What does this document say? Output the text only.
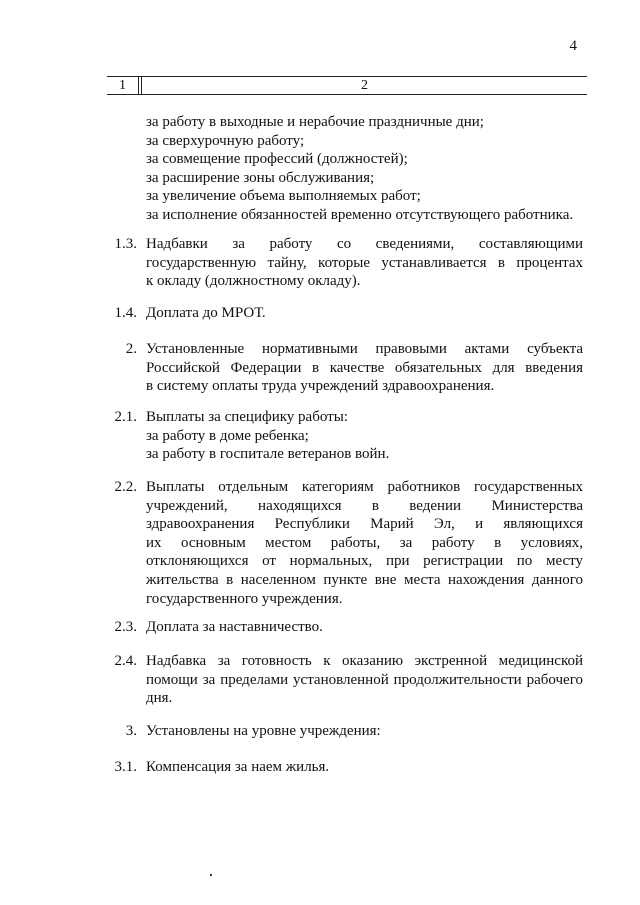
4
1	2
за работу в выходные и нерабочие праздничные дни;
за сверхурочную работу;
за совмещение профессий (должностей);
за расширение зоны обслуживания;
за увеличение объема выполняемых работ;
за исполнение обязанностей временно отсутствующего работника.
1.3. Надбавки за работу со сведениями, составляющими
государственную тайну, которые устанавливается в процентах
к окладу (должностному окладу).
1.4. Доплата до МРОТ.
2. Установленные нормативными правовыми актами субъекта
Российской Федерации в качестве обязательных для введения
в систему оплаты труда учреждений здравоохранения.
2.1. Выплаты за специфику работы:
за работу в доме ребенка;
за работу в госпитале ветеранов войн.
2.2. Выплаты отдельным категориям работников государственных
учреждений, находящихся в ведении Министерства
здравоохранения Республики Марий Эл, и являющихся
их основным местом работы, за работу в условиях,
отклоняющихся от нормальных, при регистрации по месту
жительства в населенном пункте вне места нахождения данного
государственного учреждения.
2.3. Доплата за наставничество.
2.4. Надбавка за готовность к оказанию экстренной медицинской
помощи за пределами установленной продолжительности рабочего
дня.
3. Установлены на уровне учреждения:
3.1. Компенсация за наем жилья.
